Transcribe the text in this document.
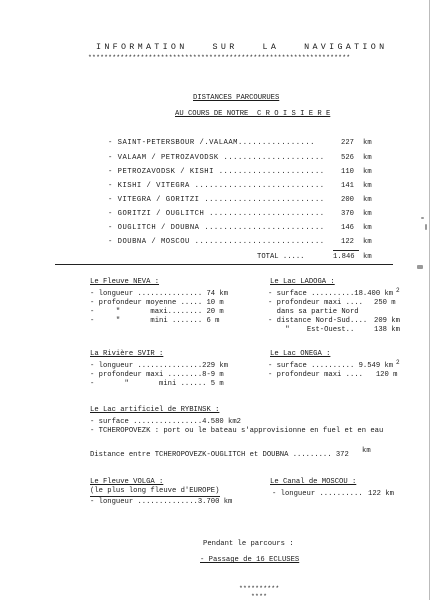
INFORMATION   SUR   LA   NAVIGATION
*****************************************************************
DISTANCES PARCOURUES
AU COURS DE NOTRE  C R O I S I E R E
- SAINT-PETERSBOUR /.VALAAM................	227 km
- VALAAM / PETROZAVODSK ..................... 526 km
- PETROZAVODSK / KISHI ...................... 110 km
- KISHI / VITEGRA ........................... 141 km
- VITEGRA / GORITZI ......................... 200 km
- GORITZI / OUGLITCH ........................ 370 km
- OUGLITCH / DOUBNA ......................... 146 km
- DOUBNA / MOSCOU ........................... 122 km
TOTAL .....	1.846 km
Le Fleuve NEVA :
- longueur ............... 74 km
- profondeur moyenne ..... 10 m
-     "       maxi........ 20 m
-     "       mini ....... 6 m
Le Lac LADOGA :
- surface ..........18.400 km 2
- profondeur maxi .... 250 m
dans sa partie Nord
- distance Nord-Sud.... 209 km
"    Est-Ouest..	138 km
La Rivière SVIR :
- longueur ...............229 km
- profondeur maxi ........8-9 m
-       "       mini ...... 5 m
Le Lac ONEGA :
- surface .......... 9.549 km 2
- profondeur maxi ....   120 m
Le Lac artificiel de RYBINSK :
- surface ................4.580 km2
- TCHEROPOVEZK : port ou le bateau s'approvisionne en fuel et en eau
Distance entre TCHEROPOVEZK-OUGLITCH et DOUBNA ......... 372 km
Le Fleuve VOLGA :
(le plus long fleuve d'EUROPE)
- longueur ..............3.700 km
Le Canal de MOSCOU :
- longueur .......... 122 km
Pendant le parcours :
- Passage de 16 ECLUSES
**********
****
